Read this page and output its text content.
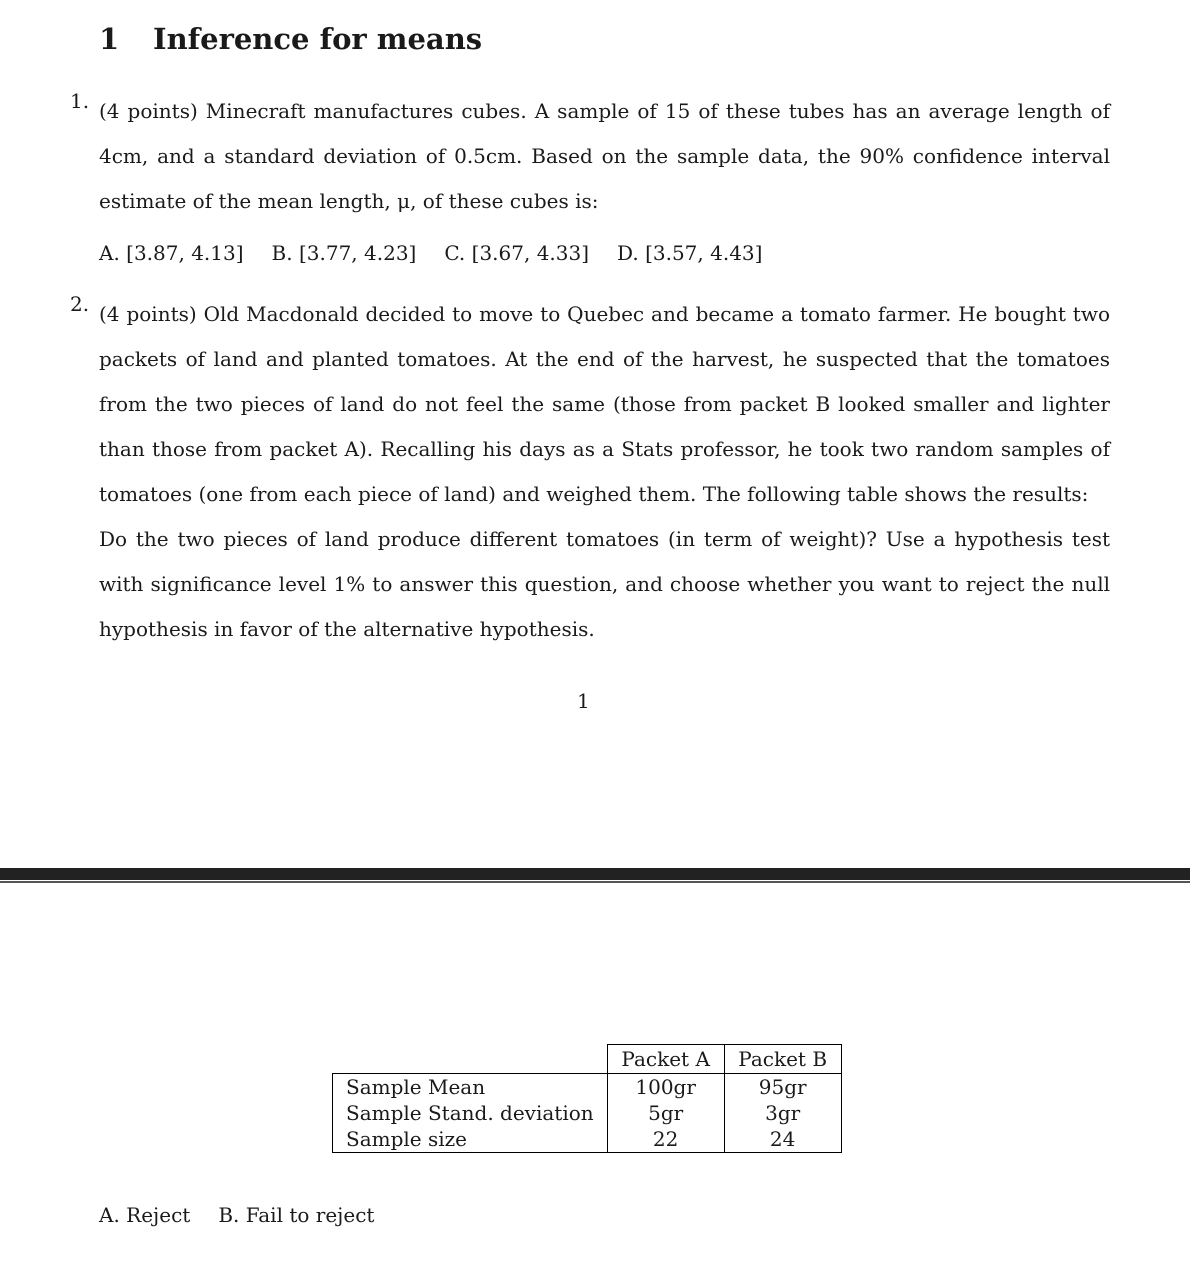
1 Inference for means
1. (4 points) Minecraft manufactures cubes. A sample of 15 of these tubes has an average length of 4cm, and a standard deviation of 0.5cm. Based on the sample data, the 90% confidence interval estimate of the mean length, μ, of these cubes is:

A. [3.87, 4.13] B. [3.77, 4.23] C. [3.67, 4.33] D. [3.57, 4.43]
2. (4 points) Old Macdonald decided to move to Quebec and became a tomato farmer. He bought two packets of land and planted tomatoes. At the end of the harvest, he suspected that the tomatoes from the two pieces of land do not feel the same (those from packet B looked smaller and lighter than those from packet A). Recalling his days as a Stats professor, he took two random samples of tomatoes (one from each piece of land) and weighed them. The following table shows the results:

Do the two pieces of land produce different tomatoes (in term of weight)? Use a hypothesis test with significance level 1% to answer this question, and choose whether you want to reject the null hypothesis in favor of the alternative hypothesis.

1
	Packet A	Packet B
Sample Mean	100gr	95gr
Sample Stand. deviation	5gr	3gr
Sample size	22	24
A. Reject B. Fail to reject
